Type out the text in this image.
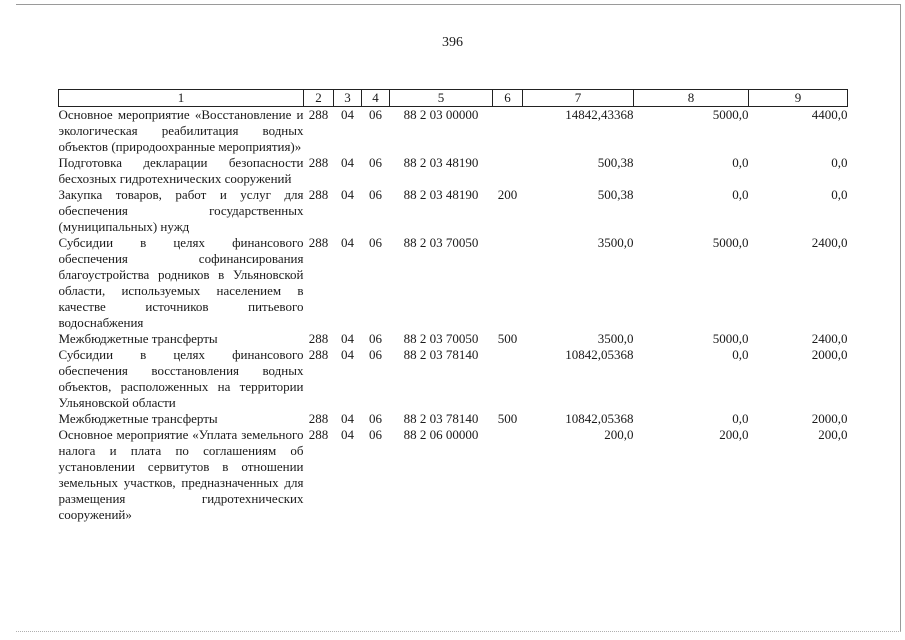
396
1	2	3	4	5	6	7	8	9
Основное мероприятие «Восстановление и экологическая реабилитация водных объектов (природоохранные мероприятия)»	288	04	06	88 2 03 00000		14842,43368	5000,0	4400,0
Подготовка декларации безопасности бесхозных гидротехнических сооружений	288	04	06	88 2 03 48190		500,38	0,0	0,0
Закупка товаров, работ и услуг для обеспечения государственных (муниципальных) нужд	288	04	06	88 2 03 48190	200	500,38	0,0	0,0
Субсидии в целях финансового обеспечения софинансирования благоустройства родников в Ульяновской области, используемых населением в качестве источников питьевого водоснабжения	288	04	06	88 2 03 70050		3500,0	5000,0	2400,0
Межбюджетные трансферты	288	04	06	88 2 03 70050	500	3500,0	5000,0	2400,0
Субсидии в целях финансового обеспечения восстановления водных объектов, расположенных на территории Ульяновской области	288	04	06	88 2 03 78140		10842,05368	0,0	2000,0
Межбюджетные трансферты	288	04	06	88 2 03 78140	500	10842,05368	0,0	2000,0
Основное мероприятие «Уплата земельного налога и плата по соглашениям об установлении сервитутов в отношении земельных участков, предназначенных для размещения гидротехнических сооружений»	288	04	06	88 2 06 00000		200,0	200,0	200,0
